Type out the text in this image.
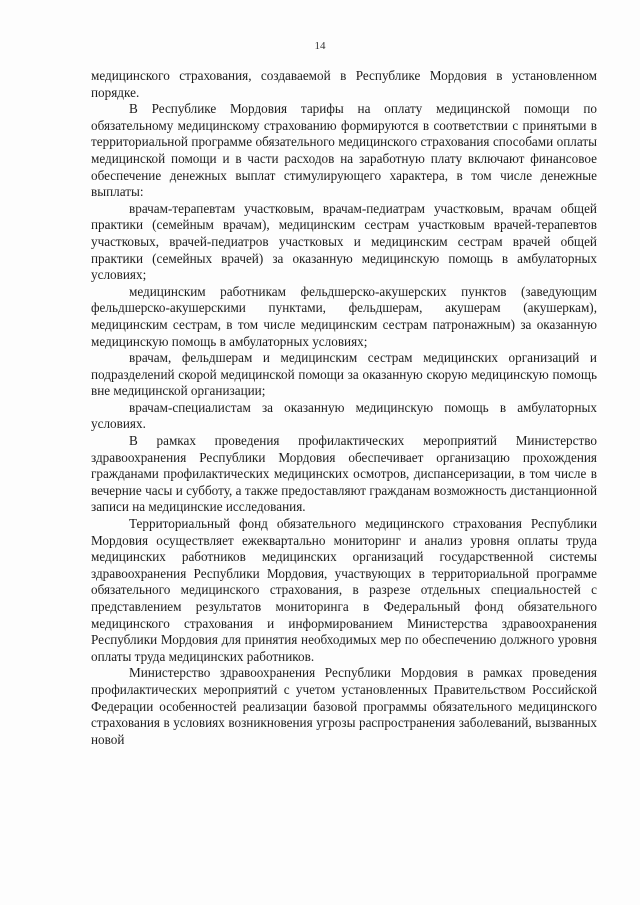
14

медицинского страхования, создаваемой в Республике Мордовия в установленном порядке.

В Республике Мордовия тарифы на оплату медицинской помощи по обязательному медицинскому страхованию формируются в соответствии с принятыми в территориальной программе обязательного медицинского страхования способами оплаты медицинской помощи и в части расходов на заработную плату включают финансовое обеспечение денежных выплат стимулирующего характера, в том числе денежные выплаты:

врачам-терапевтам участковым, врачам-педиатрам участковым, врачам общей практики (семейным врачам), медицинским сестрам участковым врачей-терапевтов участковых, врачей-педиатров участковых и медицинским сестрам врачей общей практики (семейных врачей) за оказанную медицинскую помощь в амбулаторных условиях;

медицинским работникам фельдшерско-акушерских пунктов (заведующим фельдшерско-акушерскими пунктами, фельдшерам, акушерам (акушеркам), медицинским сестрам, в том числе медицинским сестрам патронажным) за оказанную медицинскую помощь в амбулаторных условиях;

врачам, фельдшерам и медицинским сестрам медицинских организаций и подразделений скорой медицинской помощи за оказанную скорую медицинскую помощь вне медицинской организации;

врачам-специалистам за оказанную медицинскую помощь в амбулаторных условиях.

В рамках проведения профилактических мероприятий Министерство здравоохранения Республики Мордовия обеспечивает организацию прохождения гражданами профилактических медицинских осмотров, диспансеризации, в том числе в вечерние часы и субботу, а также предоставляют гражданам возможность дистанционной записи на медицинские исследования.

Территориальный фонд обязательного медицинского страхования Республики Мордовия осуществляет ежеквартально мониторинг и анализ уровня оплаты труда медицинских работников медицинских организаций государственной системы здравоохранения Республики Мордовия, участвующих в территориальной программе обязательного медицинского страхования, в разрезе отдельных специальностей с представлением результатов мониторинга в Федеральный фонд обязательного медицинского страхования и информированием Министерства здравоохранения Республики Мордовия для принятия необходимых мер по обеспечению должного уровня оплаты труда медицинских работников.

Министерство здравоохранения Республики Мордовия в рамках проведения профилактических мероприятий с учетом установленных Правительством Российской Федерации особенностей реализации базовой программы обязательного медицинского страхования в условиях возникновения угрозы распространения заболеваний, вызванных новой
